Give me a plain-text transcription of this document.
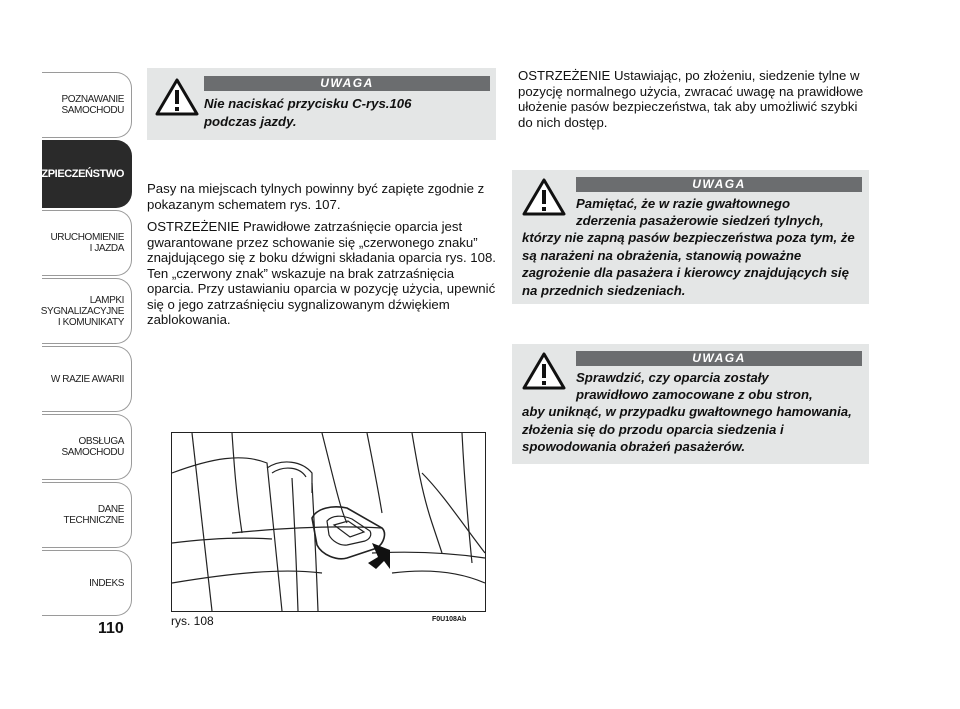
POZNAWANIE
SAMOCHODU
BEZPIECZEŃSTWO
URUCHOMIENIE
I JAZDA
LAMPKI
SYGNALIZACYJNE
I KOMUNIKATY
W RAZIE AWARII
OBSŁUGA
SAMOCHODU
DANE
TECHNICZNE
INDEKS
110
UWAGA
Nie naciskać przycisku C-rys.106
podczas jazdy.

Pasy na miejscach tylnych powinny być zapięte zgodnie z pokazanym schematem rys. 107.

OSTRZEŻENIE Prawidłowe zatrzaśnięcie oparcia jest gwarantowane przez schowanie się „czerwonego znaku” znajdującego się z boku dźwigni składania oparcia rys. 108.

Ten „czerwony znak” wskazuje na brak zatrzaśnięcia oparcia. Przy ustawianiu oparcia w pozycję użycia, upewnić się o jego zatrzaśnięciu sygnalizowanym dźwiękiem zablokowania.

OSTRZEŻENIE Ustawiając, po złożeniu, siedzenie tylne w pozycję normalnego użycia, zwracać uwagę na prawidłowe ułożenie pasów bezpieczeństwa, tak aby umożliwić szybki do nich dostęp.

UWAGA
Pamiętać, że w razie gwałtownego
zderzenia pasażerowie siedzeń tylnych,
którzy nie zapną pasów bezpieczeństwa poza tym, że są narażeni na obrażenia, stanowią poważne zagrożenie dla pasażera i kierowcy znajdujących się na przednich siedzeniach.
UWAGA
Sprawdzić, czy oparcia zostały
prawidłowo zamocowane z obu stron,
aby uniknąć, w przypadku gwałtownego hamowania, złożenia się do przodu oparcia siedzenia i spowodowania obrażeń pasażerów.
rys. 108	F0U108Ab
